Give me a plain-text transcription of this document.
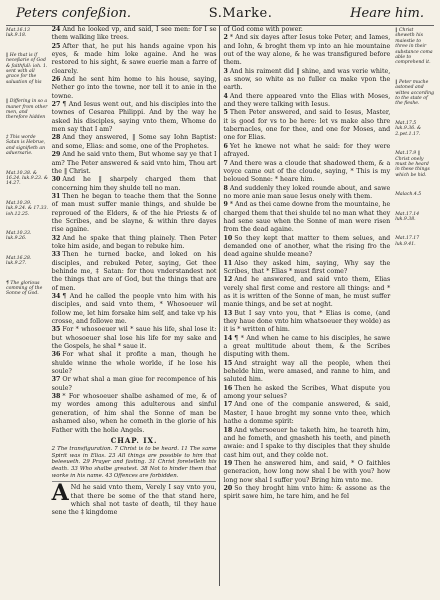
Peters confeßion.	S.Marke.	Heare him.
Mat.16.13 luk.9.18.
‖ He that is if neceßarie of God & faithfull: ioh. 1. sent with all grace for the saluation of his
‖ Differing in so a maner from other men, and therefore hidden
‡ This worde Satan is Hebrue, and signifieth an aduersarie.
Mat.10.38. & 16.24. luk.9.23. & 14.27.
Mat.10.39. luk.9.24. & 17.33. ioh.12.25.
Mat.10.33. luk.9.26.
Mat.16.28. luk.9.27.
¶ The glorious comming of the Sonne of God.
24 And he looked vp, and said, I see men: for I se them walking like trees.
25 After that, he put his hands againe vpon his eyes, & made him loke againe. And he was restored to his sight, & sawe euerie man a farre of clearely.
26 And he sent him home to his house, saying, Nether go into the towne, nor tell it to anie in the towne.
27 ¶ And Iesus went out, and his disciples into the townes of Cesarea Philippi. And by the way he asked his disciples, saying vnto them, Whome do men say that I am?
28 And they answered, ‖ Some say Iohn Baptist: and some, Elias: and some, one of the Prophetes.
29 And he said vnto them, But whome say ye that I am? The Peter answered & said vnto him, Thou art the ‖ Christ.
30 And he ‖ sharpely charged them that concerning him they shulde tell no man.
31 Then he began to teache them that the Sonne of man must suffer manie things, and shulde be reproued of the Elders, & of the hie Priests & of the Scribes, and be slayne, & within thre dayes rise againe.
32 And he spake that thing plainely. Then Peter toke him aside, and began to rebuke him.
33 Then he turned backe, and loked on his disciples, and rebuked Peter, saying, Get thee behinde me, ‡ Satan: for thou vnderstandest not the things that are of God, but the things that are of men.
34 ¶ And he called the people vnto him with his disciples, and said vnto them, * Whosoeuer wil follow me, let him forsake him self, and take vp his crosse, and followe me.
35 For * whosoeuer wil * saue his life, shal lose it: but whosoeuer shal lose his life for my sake and the Gospels, he shal * saue it.
36 For what shal it profite a man, though he shulde winne the whole worlde, if he lose his soule?
37 Or what shal a man giue for recompence of his soule?
38 * For whosoeuer shalbe ashamed of me, & of my wordes among this adulterous and sinful generation, of him shal the Sonne of man be ashamed also, when he cometh in the glorie of his Father with the holie Angels.
CHAP. IX.
2 The transfiguration. 7 Christ is to be heard. 11 The same Spirit was in Elias. 23 All things are possible to him that beleeueth. 29 Prayer and fasting. 31 Christ foretelleth his death. 33 Who shalbe greatest. 38 Not to hinder them that worke in his name. 43 Offences are forbidden.
A Nd he said vnto them, Verely I say vnto you, that there be some of the that stand here, which shal not taste of death, til they haue sene the ‡ kingdome
of God come with power.
2 * And six dayes after Iesus toke Peter, and Iames, and Iohn, & broght them vp into an hie mountaine out of the way alone, & he was transfigured before them.
3 And his raiment did ‖ shine, and was verie white, as snow, so white as no fuller ca make vpon the earth.
4 And there appeared vnto the Elias with Moses, and they were talking with Iesus.
5 Then Peter answered, and said to Iesus, Master, it is good for vs to be here: let vs make also thre tabernacles, one for thee, and one for Moses, and one for Elias.
6 Yet he knewe not what he said: for they were afrayed.
7 And there was a cloude that shadowed them, & a voyce came out of the cloude, saying, * This is my beloued Sonne: * heare him.
8 And suddenly they loked rounde about, and sawe no more anie man saue Iesus onely with them.
9 * And as thei came downe from the mountaine, he charged them that thei shulde tel no man what they had sene saue when the Sonne of man were risen from the dead againe.
10 So they kept that matter to them selues, and demanded one of another, what the rising fro the dead againe shulde meane?
11 Also they asked him, saying, Why say the Scribes, that * Elias * must first come?
12 And he answered, and said vnto them, Elias verely shal first come and restore all things: and * as it is written of the Sonne of man, he must suffer manie things, and be set at noght.
13 But I say vnto you, that * Elias is come, (and they haue done vnto him whatsoeuer they wolde) as it is * written of him.
14 ¶ * And when he came to his disciples, he sawe a great multitude about them, & the Scribes disputing with them.
15 And straight way all the people, when thei behelde him, were amased, and ranne to him, and saluted him.
16 Then he asked the Scribes, What dispute you among your selues?
17 And one of the companie answered, & said, Master, I haue broght my sonne vnto thee, which hathe a domme spirit:
18 And whersoeuer he taketh him, he teareth him, and he fometh, and gnasheth his teeth, and pineth awaie: and I spake to thy disciples that they shulde cast him out, and they colde not.
19 Then he answered him, and said, * O faithles generacion, how long now shal I be with you? how long now shal I suffer you? Bring him vnto me.
20 So they broght him vnto him: & assone as the spirit sawe him, he tare him, and he fel
‖ Christ sheweth his maiestie to three in their substance coma able to comprehend it.
‖ Peter muche astoned and wittes according to the state of the fleshe.
Mat.17.5 luk.9.36. & 2.pet.1.17.
Mat.17.9 ‖ Christ onely must be heard in these things which be hid.
Malach.4.5
Mat.17.14 luk.9.38.
Mat.17.17 luk.9.41.
